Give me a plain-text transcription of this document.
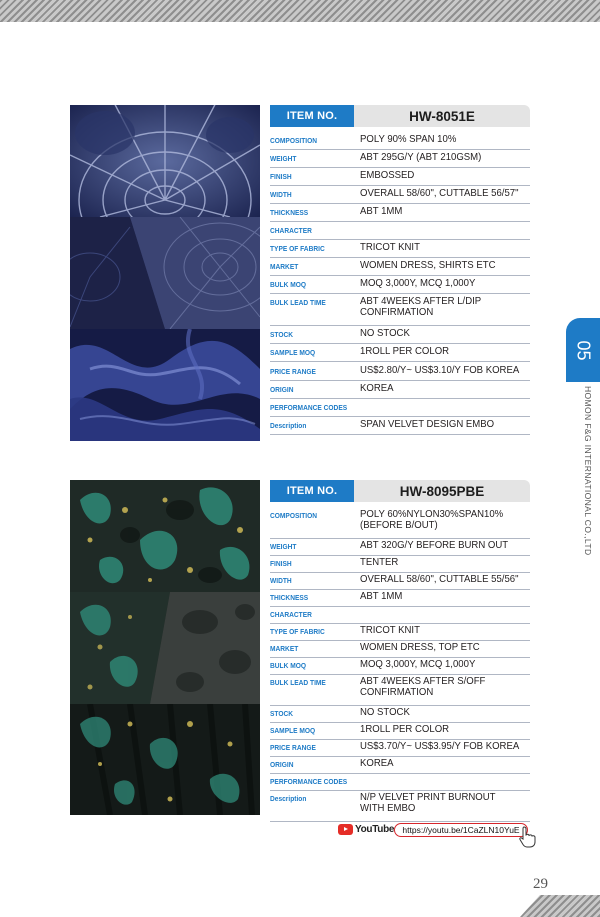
ITEM NO.	HW-8051E
COMPOSITION	POLY 90% SPAN 10%
WEIGHT	ABT 295G/Y (ABT 210GSM)
FINISH	EMBOSSED
WIDTH	OVERALL 58/60", CUTTABLE 56/57"
THICKNESS	ABT 1MM
CHARACTER
TYPE OF FABRIC	TRICOT KNIT
MARKET	WOMEN DRESS, SHIRTS ETC
BULK MOQ	MOQ 3,000Y, MCQ 1,000Y
BULK LEAD TIME	ABT 4WEEKS AFTER L/DIP CONFIRMATION
STOCK	NO STOCK
SAMPLE MOQ	1ROLL PER COLOR
PRICE RANGE	US$2.80/Y~ US$3.10/Y FOB KOREA
ORIGIN	KOREA
PERFORMANCE CODES
Description	SPAN VELVET DESIGN EMBO
ITEM NO.	HW-8095PBE
COMPOSITION	POLY 60%NYLON30%SPAN10% (BEFORE B/OUT)
WEIGHT	ABT 320G/Y BEFORE BURN OUT
FINISH	TENTER
WIDTH	OVERALL 58/60", CUTTABLE 55/56"
THICKNESS	ABT 1MM
CHARACTER
TYPE OF FABRIC	TRICOT KNIT
MARKET	WOMEN DRESS, TOP ETC
BULK MOQ	MOQ 3,000Y, MCQ 1,000Y
BULK LEAD TIME	ABT 4WEEKS AFTER S/OFF CONFIRMATION
STOCK	NO STOCK
SAMPLE MOQ	1ROLL PER COLOR
PRICE RANGE	US$3.70/Y~ US$3.95/Y FOB KOREA
ORIGIN	KOREA
PERFORMANCE CODES
Description	N/P VELVET PRINT BURNOUT WITH EMBO
YouTube https://youtu.be/1CaZLN10YuE
05
HOMON F&G INTERNATIONAL CO.,LTD
29
